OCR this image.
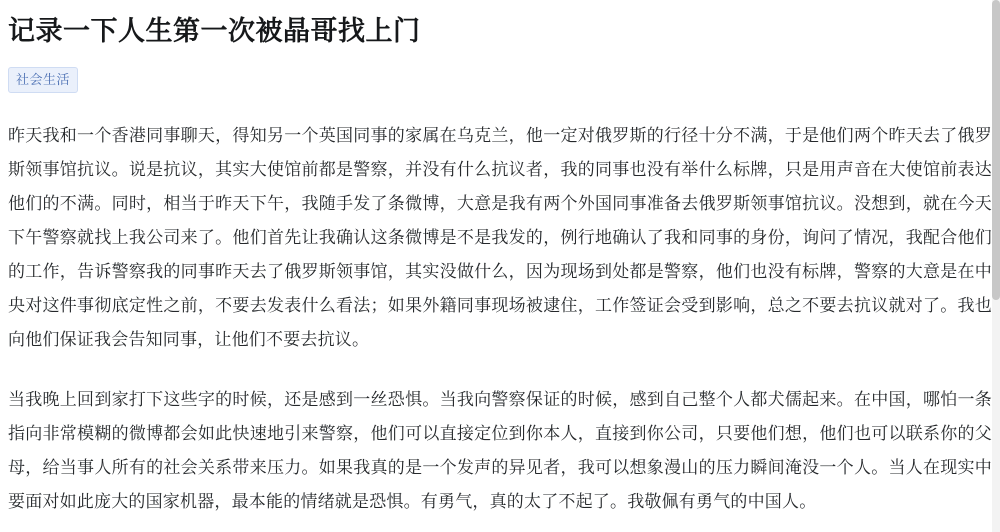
记录一下人生第一次被晶哥找上门
社会生活

昨天我和一个香港同事聊天，得知另一个英国同事的家属在乌克兰，他一定对俄罗斯的行径十分不满，于是他们两个昨天去了俄罗斯领事馆抗议。说是抗议，其实大使馆前都是警察，并没有什么抗议者，我的同事也没有举什么标牌，只是用声音在大使馆前表达他们的不满。同时，相当于昨天下午，我随手发了条微博，大意是我有两个外国同事准备去俄罗斯领事馆抗议。没想到，就在今天下午警察就找上我公司来了。他们首先让我确认这条微博是不是我发的，例行地确认了我和同事的身份，询问了情况，我配合他们的工作，告诉警察我的同事昨天去了俄罗斯领事馆，其实没做什么，因为现场到处都是警察，他们也没有标牌，警察的大意是在中央对这件事彻底定性之前，不要去发表什么看法；如果外籍同事现场被逮住，工作签证会受到影响，总之不要去抗议就对了。我也向他们保证我会告知同事，让他们不要去抗议。

当我晚上回到家打下这些字的时候，还是感到一丝恐惧。当我向警察保证的时候，感到自己整个人都犬儒起来。在中国，哪怕一条指向非常模糊的微博都会如此快速地引来警察，他们可以直接定位到你本人，直接到你公司，只要他们想，他们也可以联系你的父母，给当事人所有的社会关系带来压力。如果我真的是一个发声的异见者，我可以想象漫山的压力瞬间淹没一个人。当人在现实中要面对如此庞大的国家机器，最本能的情绪就是恐惧。有勇气，真的太了不起了。我敬佩有勇气的中国人。
